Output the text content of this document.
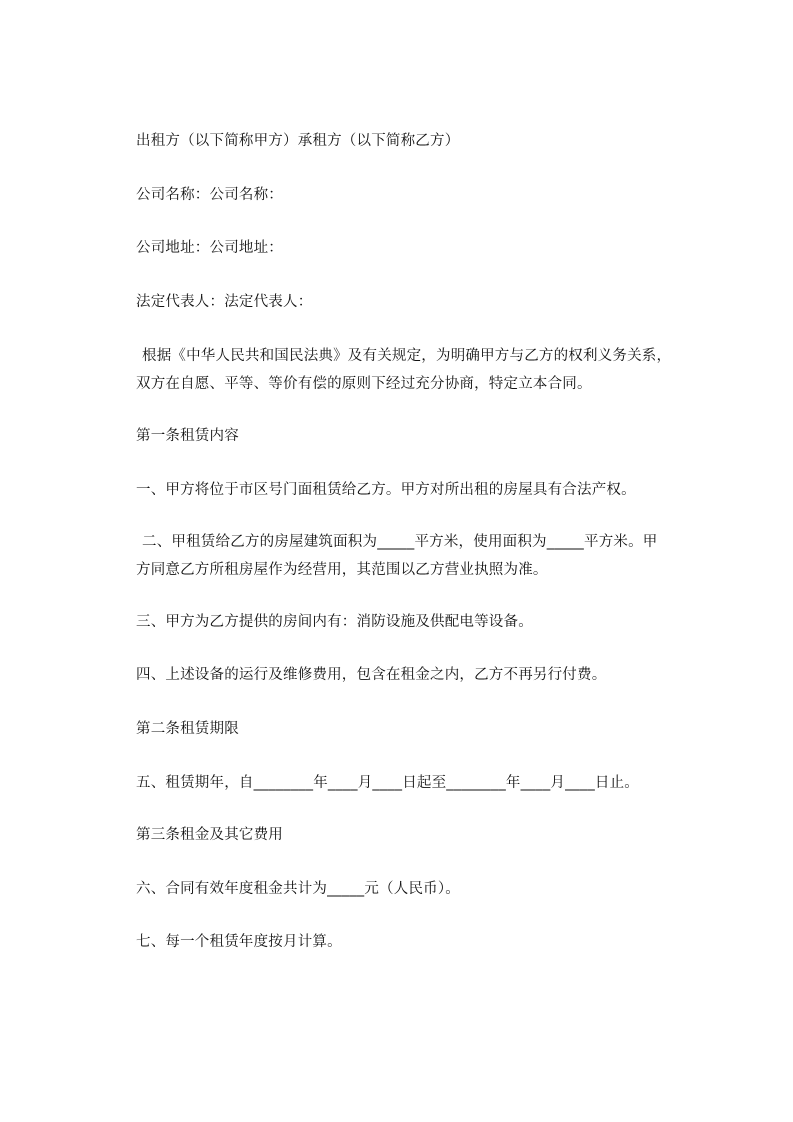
出租方（以下简称甲方）承租方（以下简称乙方）
公司名称：公司名称：
公司地址：公司地址：
法定代表人：法定代表人：
根据《中华人民共和国民法典》及有关规定，为明确甲方与乙方的权利义务关系，
双方在自愿、平等、等价有偿的原则下经过充分协商，特定立本合同。
第一条租赁内容
一、甲方将位于市区号门面租赁给乙方。甲方对所出租的房屋具有合法产权。
二、甲租赁给乙方的房屋建筑面积为_____平方米，使用面积为_____平方米。甲
方同意乙方所租房屋作为经营用，其范围以乙方营业执照为准。
三、甲方为乙方提供的房间内有：消防设施及供配电等设备。
四、上述设备的运行及维修费用，包含在租金之内，乙方不再另行付费。
第二条租赁期限
五、租赁期年，自________年____月____日起至________年____月____日止。
第三条租金及其它费用
六、合同有效年度租金共计为_____元（人民币）。
七、每一个租赁年度按月计算。
